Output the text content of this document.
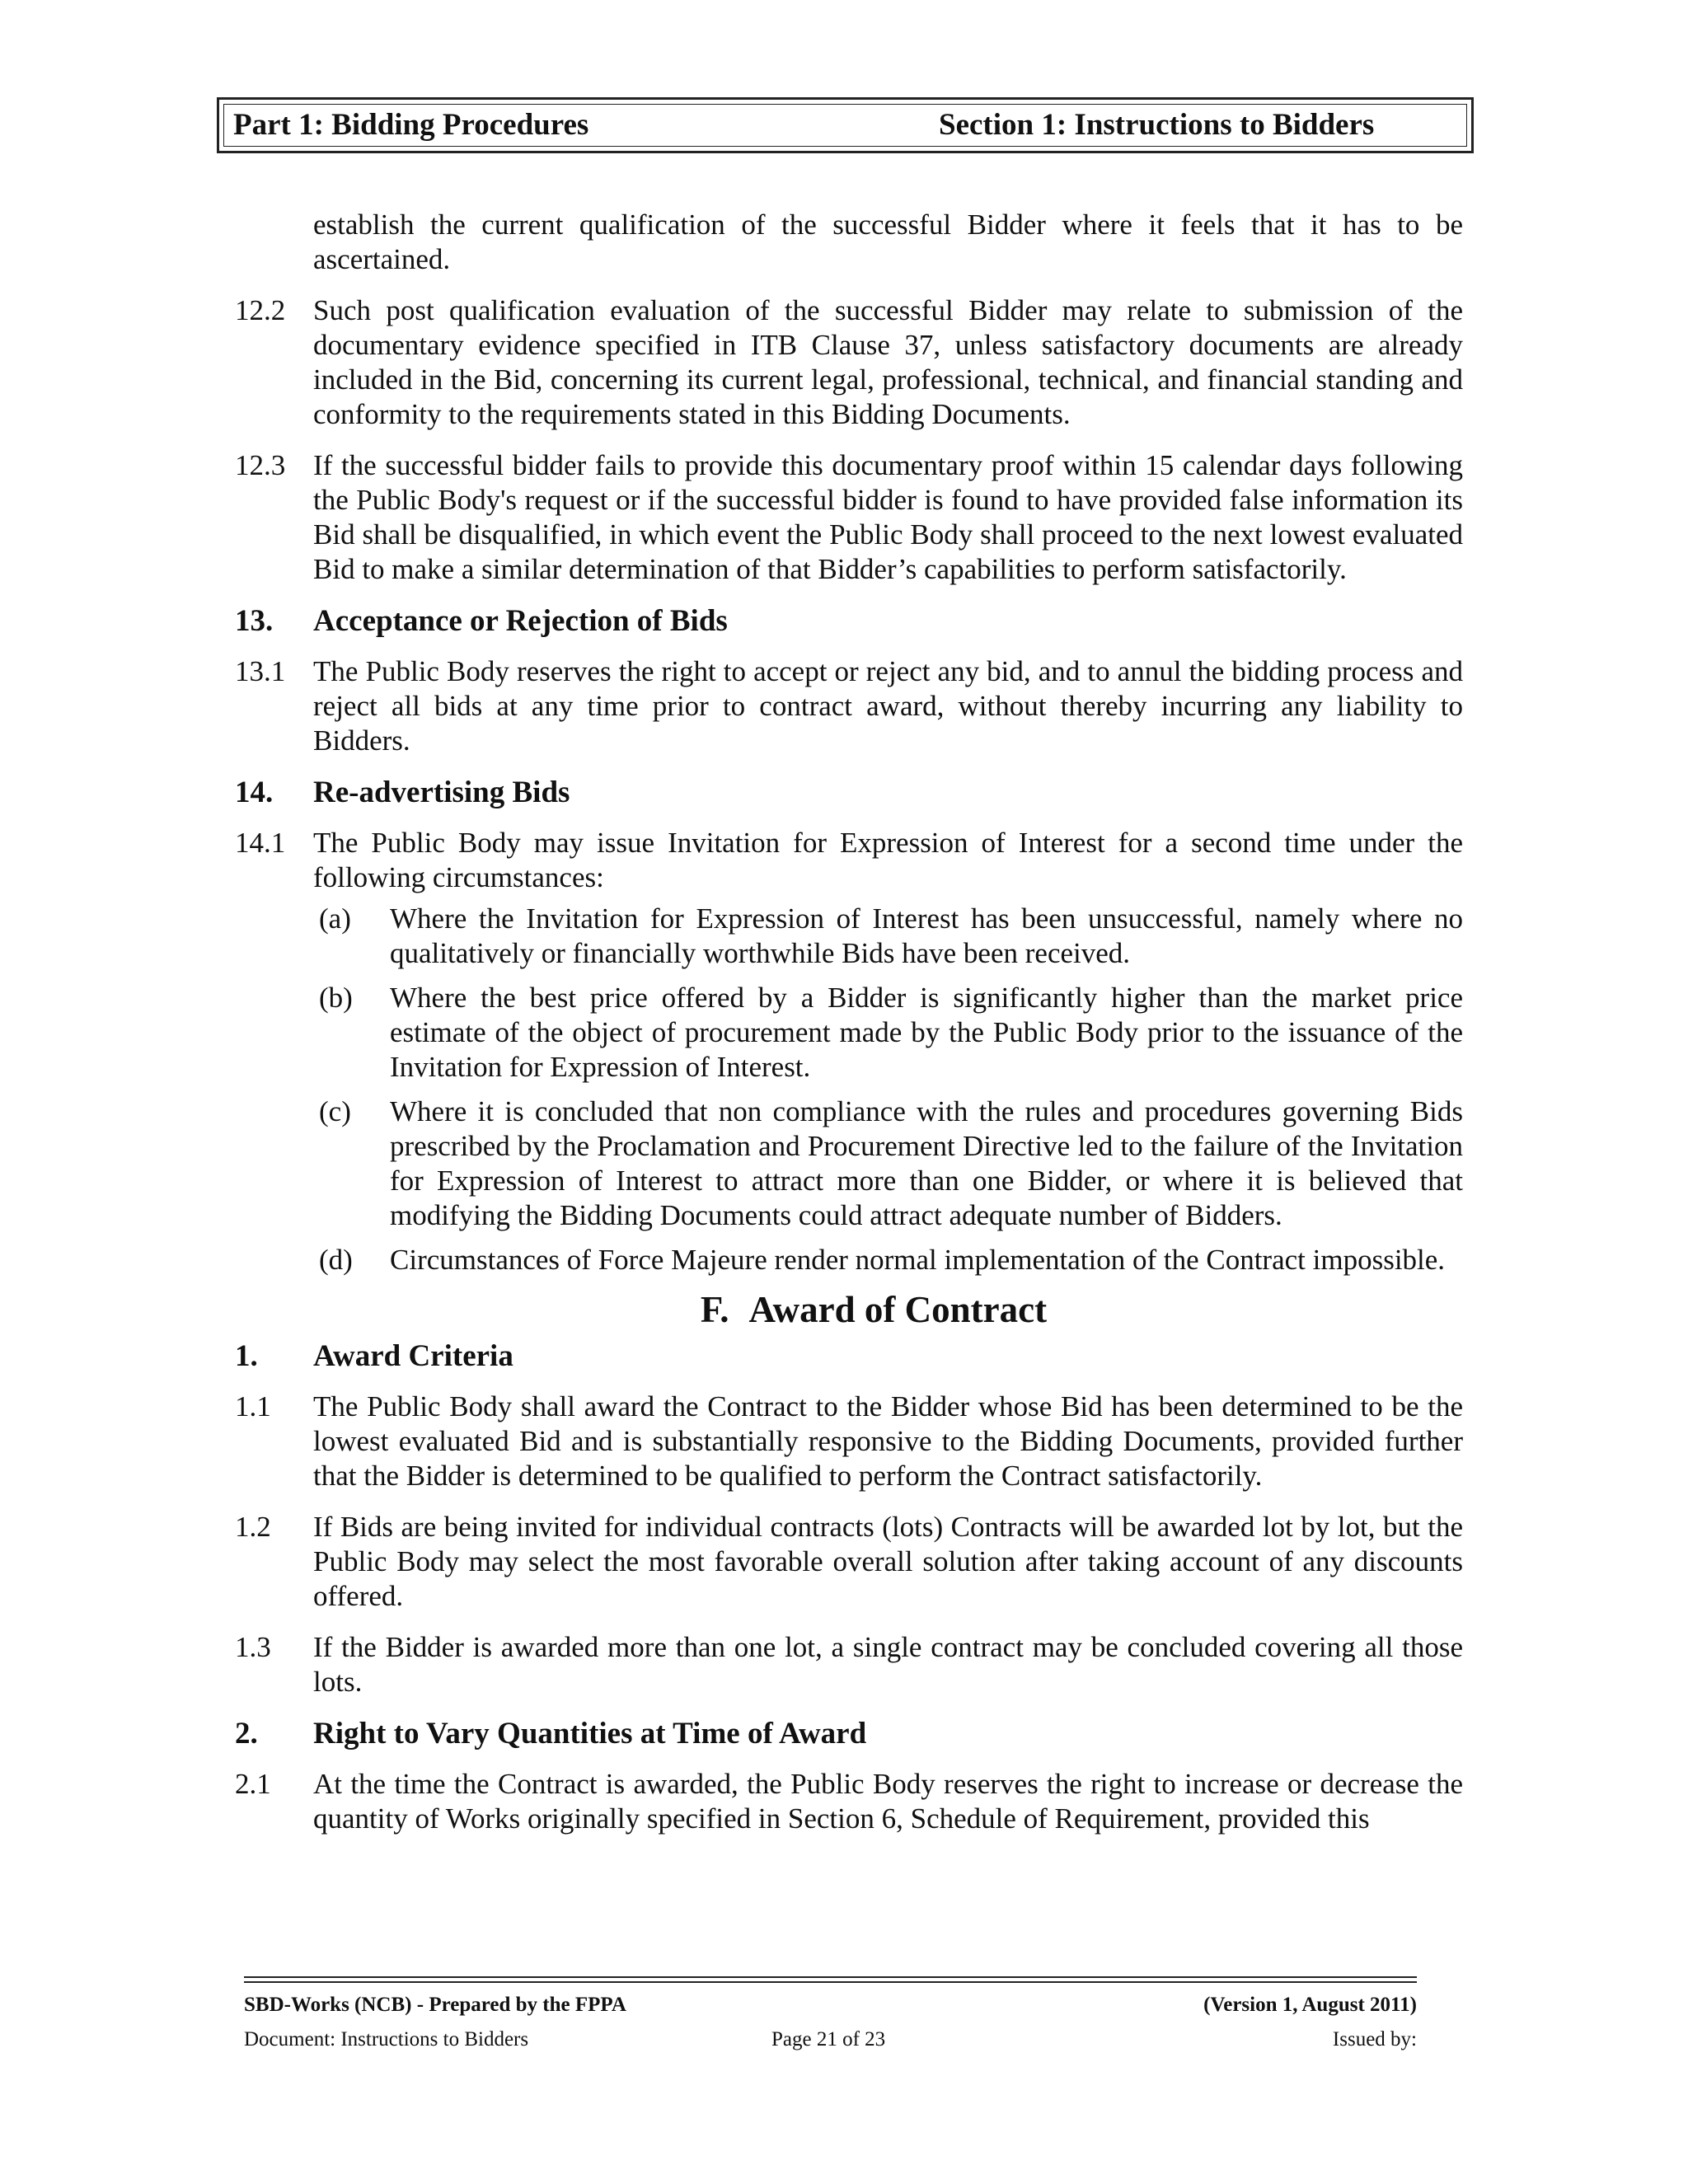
Part 1: Bidding Procedures	Section 1: Instructions to Bidders
establish the current qualification of the successful Bidder where it feels that it has to be ascertained.
12.2 Such post qualification evaluation of the successful Bidder may relate to submission of the documentary evidence specified in ITB Clause 37, unless satisfactory documents are already included in the Bid, concerning its current legal, professional, technical, and financial standing and conformity to the requirements stated in this Bidding Documents.
12.3 If the successful bidder fails to provide this documentary proof within 15 calendar days following the Public Body's request or if the successful bidder is found to have provided false information its Bid shall be disqualified, in which event the Public Body shall proceed to the next lowest evaluated Bid to make a similar determination of that Bidder’s capabilities to perform satisfactorily.
13. Acceptance or Rejection of Bids
13.1 The Public Body reserves the right to accept or reject any bid, and to annul the bidding process and reject all bids at any time prior to contract award, without thereby incurring any liability to Bidders.
14. Re-advertising Bids
14.1 The Public Body may issue Invitation for Expression of Interest for a second time under the following circumstances:
(a) Where the Invitation for Expression of Interest has been unsuccessful, namely where no qualitatively or financially worthwhile Bids have been received.
(b) Where the best price offered by a Bidder is significantly higher than the market price estimate of the object of procurement made by the Public Body prior to the issuance of the Invitation for Expression of Interest.
(c) Where it is concluded that non compliance with the rules and procedures governing Bids prescribed by the Proclamation and Procurement Directive led to the failure of the Invitation for Expression of Interest to attract more than one Bidder, or where it is believed that modifying the Bidding Documents could attract adequate number of Bidders.
(d) Circumstances of Force Majeure render normal implementation of the Contract impossible.
F. Award of Contract
1. Award Criteria
1.1 The Public Body shall award the Contract to the Bidder whose Bid has been determined to be the lowest evaluated Bid and is substantially responsive to the Bidding Documents, provided further that the Bidder is determined to be qualified to perform the Contract satisfactorily.
1.2 If Bids are being invited for individual contracts (lots) Contracts will be awarded lot by lot, but the Public Body may select the most favorable overall solution after taking account of any discounts offered.
1.3 If the Bidder is awarded more than one lot, a single contract may be concluded covering all those lots.
2. Right to Vary Quantities at Time of Award
2.1 At the time the Contract is awarded, the Public Body reserves the right to increase or decrease the quantity of Works originally specified in Section 6, Schedule of Requirement, provided this
SBD-Works (NCB) - Prepared by the FPPA	(Version 1, August 2011)
Document: Instructions to Bidders	Page 21 of 23	Issued by:
